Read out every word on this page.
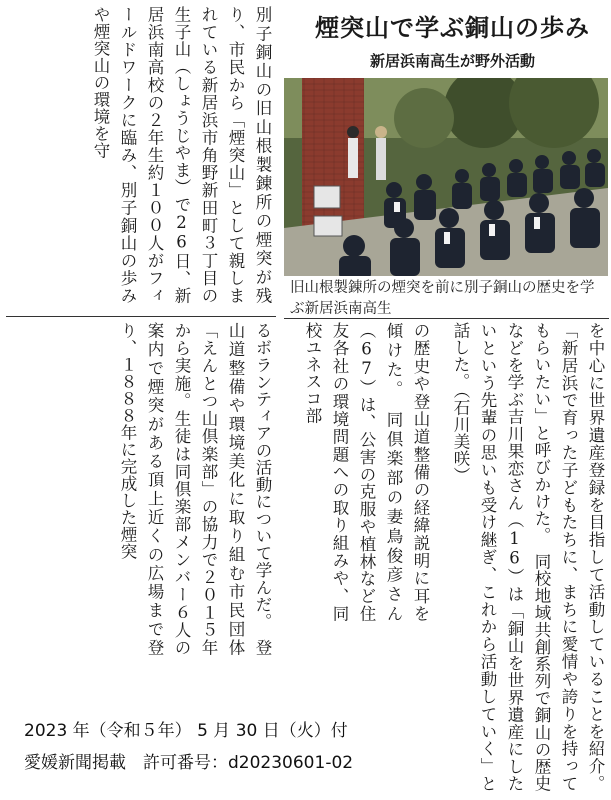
別子銅山の旧山根製錬所の煙突が残り、市民から「煙突山」として親しまれている新居浜市角野新田町３丁目の生子山（しょうじやま）で26日、新居浜南高校の２年生約１００人がフィールドワークに臨み、別子銅山の歩みや煙突山の環境を守	煙突山で学ぶ銅山の歩み
新居浜南高生が野外活動
旧山根製錬所の煙突を前に別子銅山の歴史を学ぶ新居浜南高生
るボランティアの活動について学んだ。　登山道整備や環境美化に取り組む市民団体「えんとつ山倶楽部」の協力で２０１５年から実施。生徒は同倶楽部メンバー６人の案内で煙突がある頂上近くの広場まで登り、１８８８年に完成した煙突	の歴史や登山道整備の経緯説明に耳を傾けた。　同倶楽部の妻鳥俊彦さん（67）は、公害の克服や植林など住友各社の環境問題への取り組みや、同校ユネスコ部	を中心に世界遺産登録を目指して活動していることを紹介。「新居浜で育った子どもたちに、まちに愛情や誇りを持ってもらいたい」と呼びかけた。　同校地域共創系列で銅山の歴史などを学ぶ吉川果恋さん（16）は「銅山を世界遺産にしたいという先輩の思いも受け継ぎ、これから活動していく」と話した。（石川美咲）
2023 年（令和５年） 5 月 30 日（火）付
愛媛新聞掲載　許可番号：d20230601-02
